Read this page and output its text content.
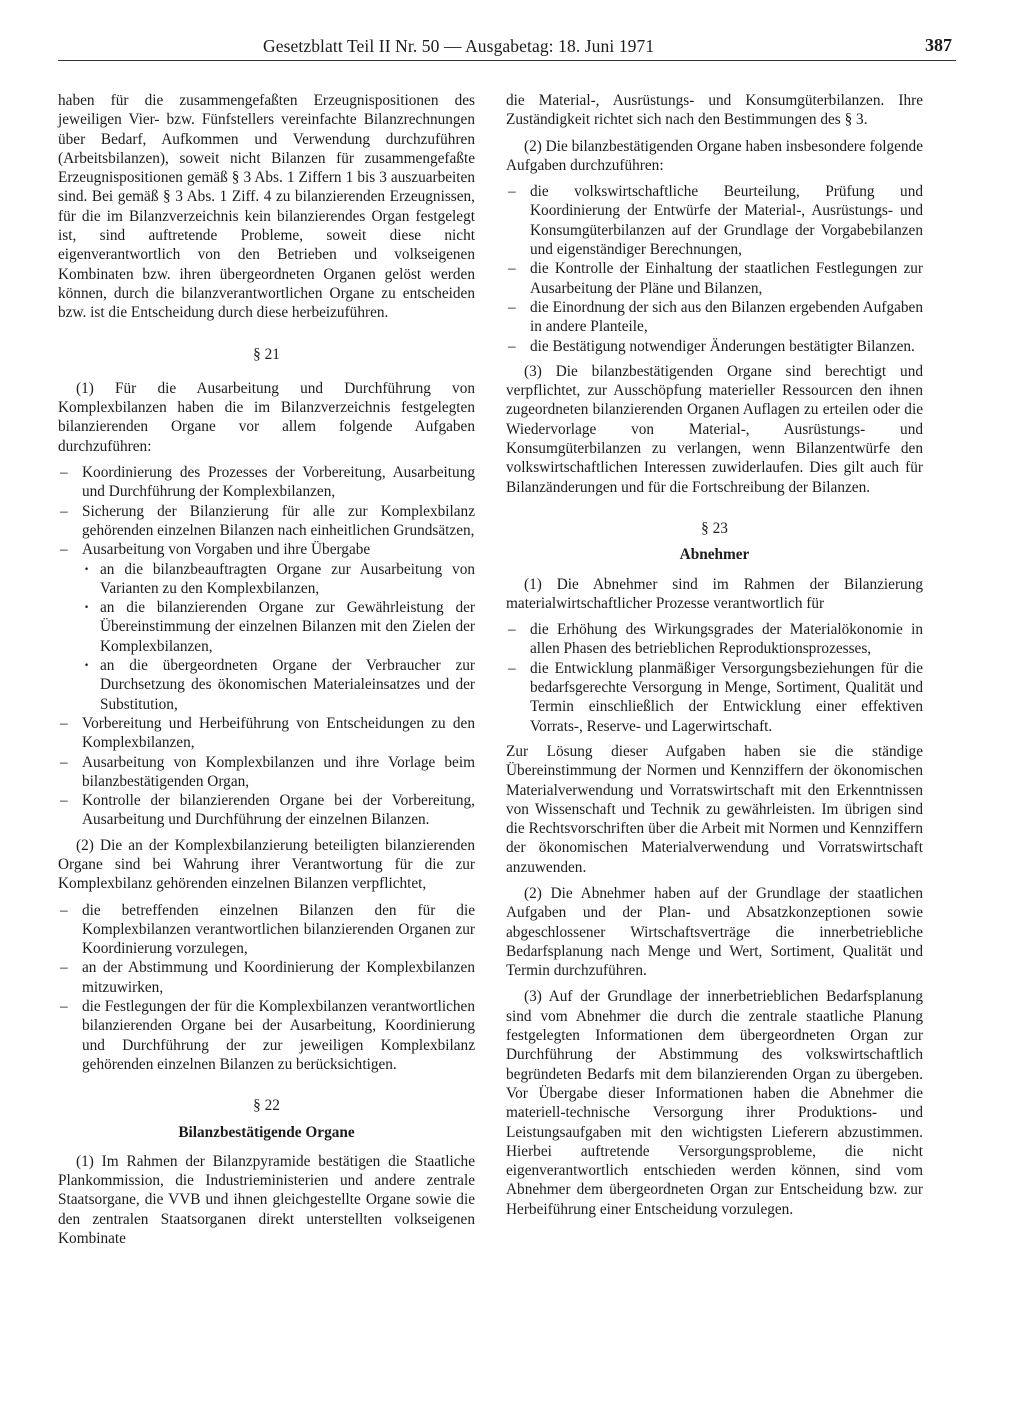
Gesetzblatt Teil II Nr. 50 — Ausgabetag: 18. Juni 1971	387

haben für die zusammengefaßten Erzeugnispositionen des jeweiligen Vier- bzw. Fünfstellers vereinfachte Bilanzrechnungen über Bedarf, Aufkommen und Verwendung durchzuführen (Arbeitsbilanzen), soweit nicht Bilanzen für zusammengefaßte Erzeugnispositionen gemäß § 3 Abs. 1 Ziffern 1 bis 3 auszuarbeiten sind. Bei gemäß § 3 Abs. 1 Ziff. 4 zu bilanzierenden Erzeugnissen, für die im Bilanzverzeichnis kein bilanzierendes Organ festgelegt ist, sind auftretende Probleme, soweit diese nicht eigenverantwortlich von den Betrieben und volkseigenen Kombinaten bzw. ihren übergeordneten Organen gelöst werden können, durch die bilanzverantwortlichen Organe zu entscheiden bzw. ist die Entscheidung durch diese herbeizuführen.

§ 21

(1) Für die Ausarbeitung und Durchführung von Komplexbilanzen haben die im Bilanzverzeichnis festgelegten bilanzierenden Organe vor allem folgende Aufgaben durchzuführen:

– Koordinierung des Prozesses der Vorbereitung, Ausarbeitung und Durchführung der Komplexbilanzen,
– Sicherung der Bilanzierung für alle zur Komplexbilanz gehörenden einzelnen Bilanzen nach einheitlichen Grundsätzen,
– Ausarbeitung von Vorgaben und ihre Übergabe
· an die bilanzbeauftragten Organe zur Ausarbeitung von Varianten zu den Komplexbilanzen,
· an die bilanzierenden Organe zur Gewährleistung der Übereinstimmung der einzelnen Bilanzen mit den Zielen der Komplexbilanzen,
· an die übergeordneten Organe der Verbraucher zur Durchsetzung des ökonomischen Materialeinsatzes und der Substitution,
– Vorbereitung und Herbeiführung von Entscheidungen zu den Komplexbilanzen,
– Ausarbeitung von Komplexbilanzen und ihre Vorlage beim bilanzbestätigenden Organ,
– Kontrolle der bilanzierenden Organe bei der Vorbereitung, Ausarbeitung und Durchführung der einzelnen Bilanzen.

(2) Die an der Komplexbilanzierung beteiligten bilanzierenden Organe sind bei Wahrung ihrer Verantwortung für die zur Komplexbilanz gehörenden einzelnen Bilanzen verpflichtet,

– die betreffenden einzelnen Bilanzen den für die Komplexbilanzen verantwortlichen bilanzierenden Organen zur Koordinierung vorzulegen,
– an der Abstimmung und Koordinierung der Komplexbilanzen mitzuwirken,
– die Festlegungen der für die Komplexbilanzen verantwortlichen bilanzierenden Organe bei der Ausarbeitung, Koordinierung und Durchführung der zur jeweiligen Komplexbilanz gehörenden einzelnen Bilanzen zu berücksichtigen.
§ 22
Bilanzbestätigende Organe

(1) Im Rahmen der Bilanzpyramide bestätigen die Staatliche Plankommission, die Industrieministerien und andere zentrale Staatsorgane, die VVB und ihnen gleichgestellte Organe sowie die den zentralen Staatsorganen direkt unterstellten volkseigenen Kombinate

die Material-, Ausrüstungs- und Konsumgüterbilanzen. Ihre Zuständigkeit richtet sich nach den Bestimmungen des § 3.

(2) Die bilanzbestätigenden Organe haben insbesondere folgende Aufgaben durchzuführen:

– die volkswirtschaftliche Beurteilung, Prüfung und Koordinierung der Entwürfe der Material-, Ausrüstungs- und Konsumgüterbilanzen auf der Grundlage der Vorgabebilanzen und eigenständiger Berechnungen,
– die Kontrolle der Einhaltung der staatlichen Festlegungen zur Ausarbeitung der Pläne und Bilanzen,
– die Einordnung der sich aus den Bilanzen ergebenden Aufgaben in andere Planteile,
– die Bestätigung notwendiger Änderungen bestätigter Bilanzen.

(3) Die bilanzbestätigenden Organe sind berechtigt und verpflichtet, zur Ausschöpfung materieller Ressourcen den ihnen zugeordneten bilanzierenden Organen Auflagen zu erteilen oder die Wiedervorlage von Material-, Ausrüstungs- und Konsumgüterbilanzen zu verlangen, wenn Bilanzentwürfe den volkswirtschaftlichen Interessen zuwiderlaufen. Dies gilt auch für Bilanzänderungen und für die Fortschreibung der Bilanzen.

§ 23
Abnehmer

(1) Die Abnehmer sind im Rahmen der Bilanzierung materialwirtschaftlicher Prozesse verantwortlich für

– die Erhöhung des Wirkungsgrades der Materialökonomie in allen Phasen des betrieblichen Reproduktionsprozesses,
– die Entwicklung planmäßiger Versorgungsbeziehungen für die bedarfsgerechte Versorgung in Menge, Sortiment, Qualität und Termin einschließlich der Entwicklung einer effektiven Vorrats-, Reserve- und Lagerwirtschaft.

Zur Lösung dieser Aufgaben haben sie die ständige Übereinstimmung der Normen und Kennziffern der ökonomischen Materialverwendung und Vorratswirtschaft mit den Erkenntnissen von Wissenschaft und Technik zu gewährleisten. Im übrigen sind die Rechtsvorschriften über die Arbeit mit Normen und Kennziffern der ökonomischen Materialverwendung und Vorratswirtschaft anzuwenden.

(2) Die Abnehmer haben auf der Grundlage der staatlichen Aufgaben und der Plan- und Absatzkonzeptionen sowie abgeschlossener Wirtschaftsverträge die innerbetriebliche Bedarfsplanung nach Menge und Wert, Sortiment, Qualität und Termin durchzuführen.

(3) Auf der Grundlage der innerbetrieblichen Bedarfsplanung sind vom Abnehmer die durch die zentrale staatliche Planung festgelegten Informationen dem übergeordneten Organ zur Durchführung der Abstimmung des volkswirtschaftlich begründeten Bedarfs mit dem bilanzierenden Organ zu übergeben. Vor Übergabe dieser Informationen haben die Abnehmer die materiell-technische Versorgung ihrer Produktions- und Leistungsaufgaben mit den wichtigsten Lieferern abzustimmen. Hierbei auftretende Versorgungsprobleme, die nicht eigenverantwortlich entschieden werden können, sind vom Abnehmer dem übergeordneten Organ zur Entscheidung bzw. zur Herbeiführung einer Entscheidung vorzulegen.
